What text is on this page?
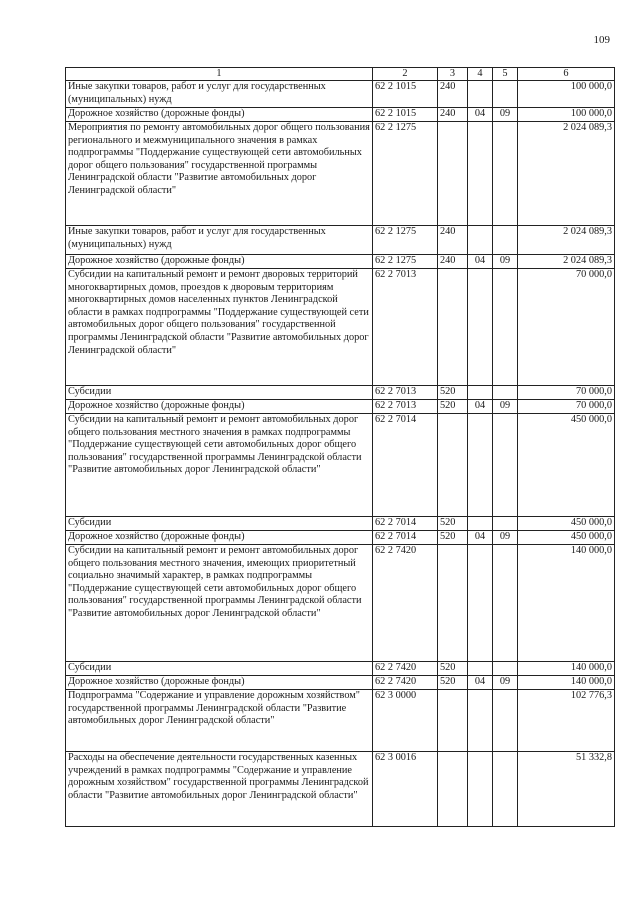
109
1	2	3	4	5	6
Иные закупки товаров, работ и услуг для государственных (муниципальных) нужд	62 2 1015	240			100 000,0
Дорожное хозяйство (дорожные фонды)	62 2 1015	240	04	09	100 000,0
Мероприятия по ремонту автомобильных дорог общего пользования регионального и межмуниципального значения в рамках подпрограммы "Поддержание существующей сети автомобильных дорог общего пользования" государственной программы Ленинградской области "Развитие автомобильных дорог Ленинградской области"	62 2 1275				2 024 089,3
Иные закупки товаров, работ и услуг для государственных (муниципальных) нужд	62 2 1275	240			2 024 089,3
Дорожное хозяйство (дорожные фонды)	62 2 1275	240	04	09	2 024 089,3
Субсидии на капитальный ремонт и ремонт дворовых территорий многоквартирных домов, проездов к дворовым территориям многоквартирных домов населенных пунктов Ленинградской области в рамках подпрограммы "Поддержание существующей сети автомобильных дорог общего пользования" государственной программы Ленинградской области "Развитие автомобильных дорог Ленинградской области"	62 2 7013				70 000,0
Субсидии	62 2 7013	520			70 000,0
Дорожное хозяйство (дорожные фонды)	62 2 7013	520	04	09	70 000,0
Субсидии на капитальный ремонт и ремонт автомобильных дорог общего пользования местного значения в рамках подпрограммы "Поддержание существующей сети автомобильных дорог общего пользования" государственной программы Ленинградской области "Развитие автомобильных дорог Ленинградской области"	62 2 7014				450 000,0
Субсидии	62 2 7014	520			450 000,0
Дорожное хозяйство (дорожные фонды)	62 2 7014	520	04	09	450 000,0
Субсидии на капитальный ремонт и ремонт автомобильных дорог общего пользования местного значения, имеющих приоритетный социально значимый характер, в рамках подпрограммы "Поддержание существующей сети автомобильных дорог общего пользования" государственной программы Ленинградской области "Развитие автомобильных дорог Ленинградской области"	62 2 7420				140 000,0
Субсидии	62 2 7420	520			140 000,0
Дорожное хозяйство (дорожные фонды)	62 2 7420	520	04	09	140 000,0
Подпрограмма "Содержание и управление дорожным хозяйством" государственной программы Ленинградской области "Развитие автомобильных дорог Ленинградской области"	62 3 0000				102 776,3
Расходы на обеспечение деятельности государственных казенных учреждений в рамках подпрограммы "Содержание и управление дорожным хозяйством" государственной программы Ленинградской области "Развитие автомобильных дорог Ленинградской области"	62 3 0016				51 332,8
